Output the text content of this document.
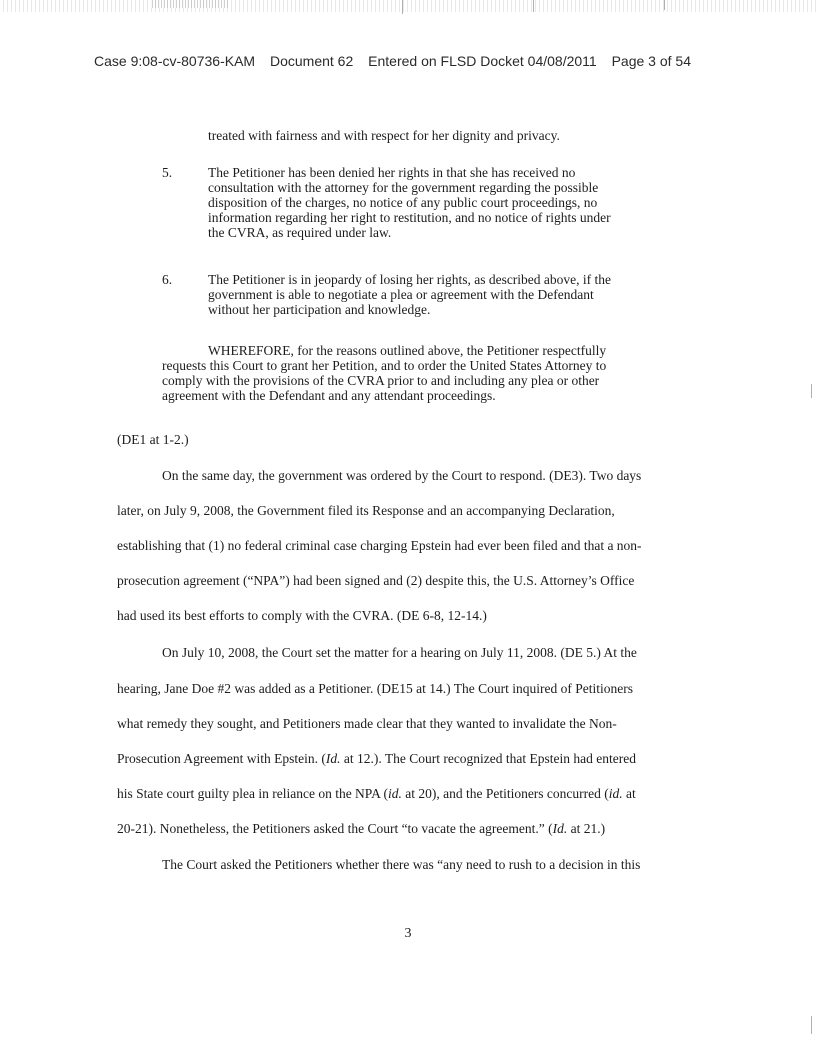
Case 9:08-cv-80736-KAM Document 62 Entered on FLSD Docket 04/08/2011 Page 3 of 54
treated with fairness and with respect for her dignity and privacy.
5.	The Petitioner has been denied her rights in that she has received no
consultation with the attorney for the government regarding the possible
disposition of the charges, no notice of any public court proceedings, no
information regarding her right to restitution, and no notice of rights under
the CVRA, as required under law.
6.	The Petitioner is in jeopardy of losing her rights, as described above, if the
government is able to negotiate a plea or agreement with the Defendant
without her participation and knowledge.
WHEREFORE, for the reasons outlined above, the Petitioner respectfully
requests this Court to grant her Petition, and to order the United States Attorney to
comply with the provisions of the CVRA prior to and including any plea or other
agreement with the Defendant and any attendant proceedings.
(DE1 at 1-2.)
On the same day, the government was ordered by the Court to respond. (DE3). Two days
later, on July 9, 2008, the Government filed its Response and an accompanying Declaration,
establishing that (1) no federal criminal case charging Epstein had ever been filed and that a non-
prosecution agreement (“NPA”) had been signed and (2) despite this, the U.S. Attorney’s Office
had used its best efforts to comply with the CVRA. (DE 6-8, 12-14.)
On July 10, 2008, the Court set the matter for a hearing on July 11, 2008. (DE 5.) At the
hearing, Jane Doe #2 was added as a Petitioner. (DE15 at 14.) The Court inquired of Petitioners
what remedy they sought, and Petitioners made clear that they wanted to invalidate the Non-
Prosecution Agreement with Epstein. (Id. at 12.). The Court recognized that Epstein had entered
his State court guilty plea in reliance on the NPA (id. at 20), and the Petitioners concurred (id. at
20-21). Nonetheless, the Petitioners asked the Court “to vacate the agreement.” (Id. at 21.)
The Court asked the Petitioners whether there was “any need to rush to a decision in this
3
